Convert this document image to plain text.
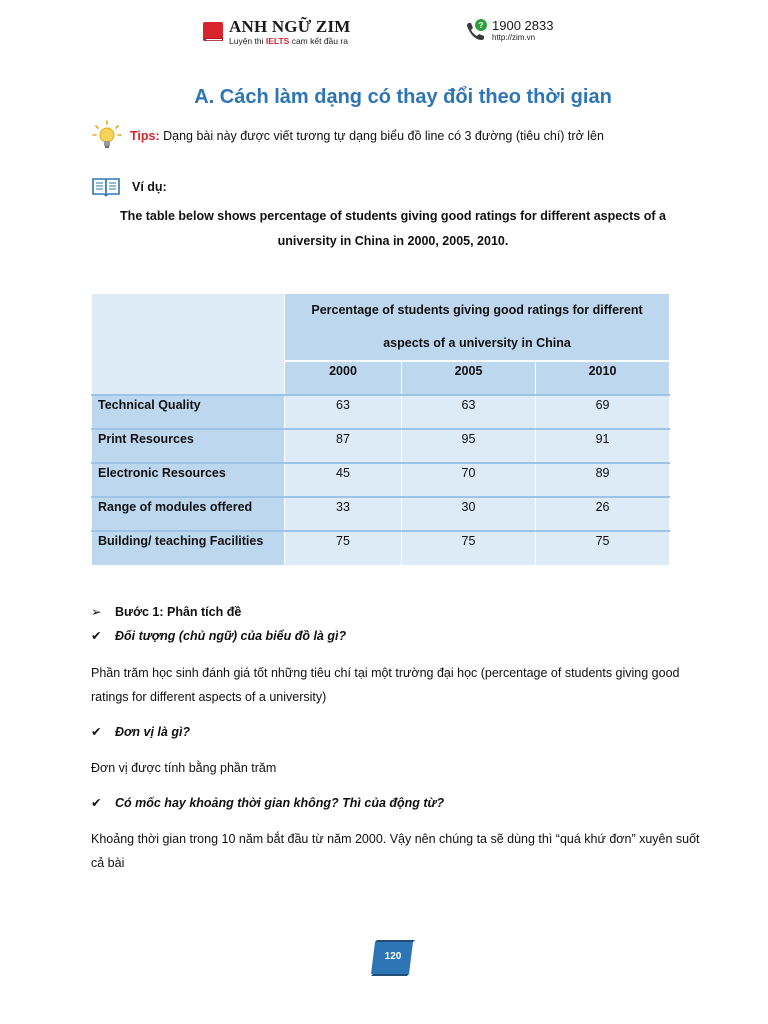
ANH NGỮ ZIM
Luyện thi IELTS cam kết đầu ra
? 1900 2833
http://zim.vn
A. Cách làm dạng có thay đổi theo thời gian
Tips: Dạng bài này được viết tương tự dạng biểu đồ line có 3 đường (tiêu chí) trở lên
Ví dụ:
The table below shows percentage of students giving good ratings for different aspects of a university in China in 2000, 2005, 2010.

	Percentage of students giving good ratings for different
aspects of a university in China		

	2000	2005	2010
Technical Quality	63	63	69
Print Resources	87	95	91
Electronic Resources	45	70	89
Range of modules offered	33	30	26
Building/ teaching Facilities	75	75	75
➢ Bước 1: Phân tích đề
✔ Đối tượng (chủ ngữ) của biểu đồ là gì?
Phần trăm học sinh đánh giá tốt những tiêu chí tại một trường đại học (percentage of students giving good ratings for different aspects of a university)
✔ Đơn vị là gì?
Đơn vị được tính bằng phần trăm
✔ Có mốc hay khoảng thời gian không? Thì của động từ?
Khoảng thời gian trong 10 năm bắt đầu từ năm 2000. Vậy nên chúng ta sẽ dùng thì “quá khứ đơn” xuyên suốt cả bài
120
